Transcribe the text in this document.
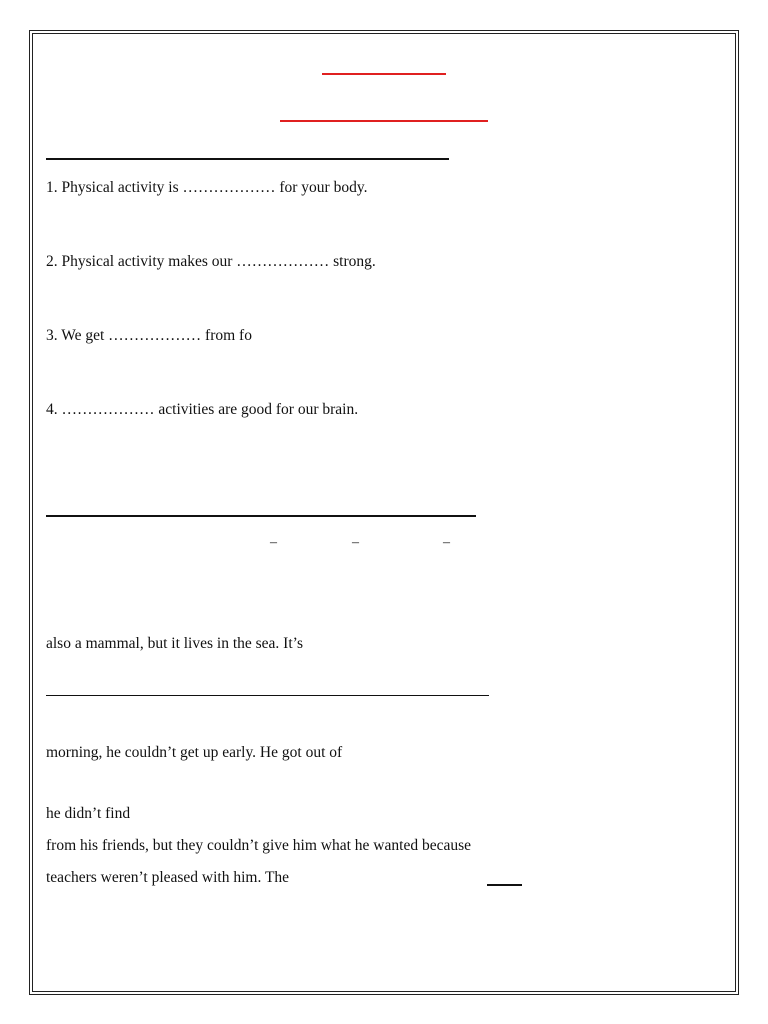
1. Physical activity is ……………… for your body.
2. Physical activity makes our ……………… strong.
3. We get ……………… from fo
4. ……………… activities are good for our brain.
–	–	–
also a mammal, but it lives in the sea. It’s
morning, he couldn’t get up early. He got out of
he didn’t find
from his friends, but they couldn’t give him what he wanted because
teachers weren’t pleased with him. The
